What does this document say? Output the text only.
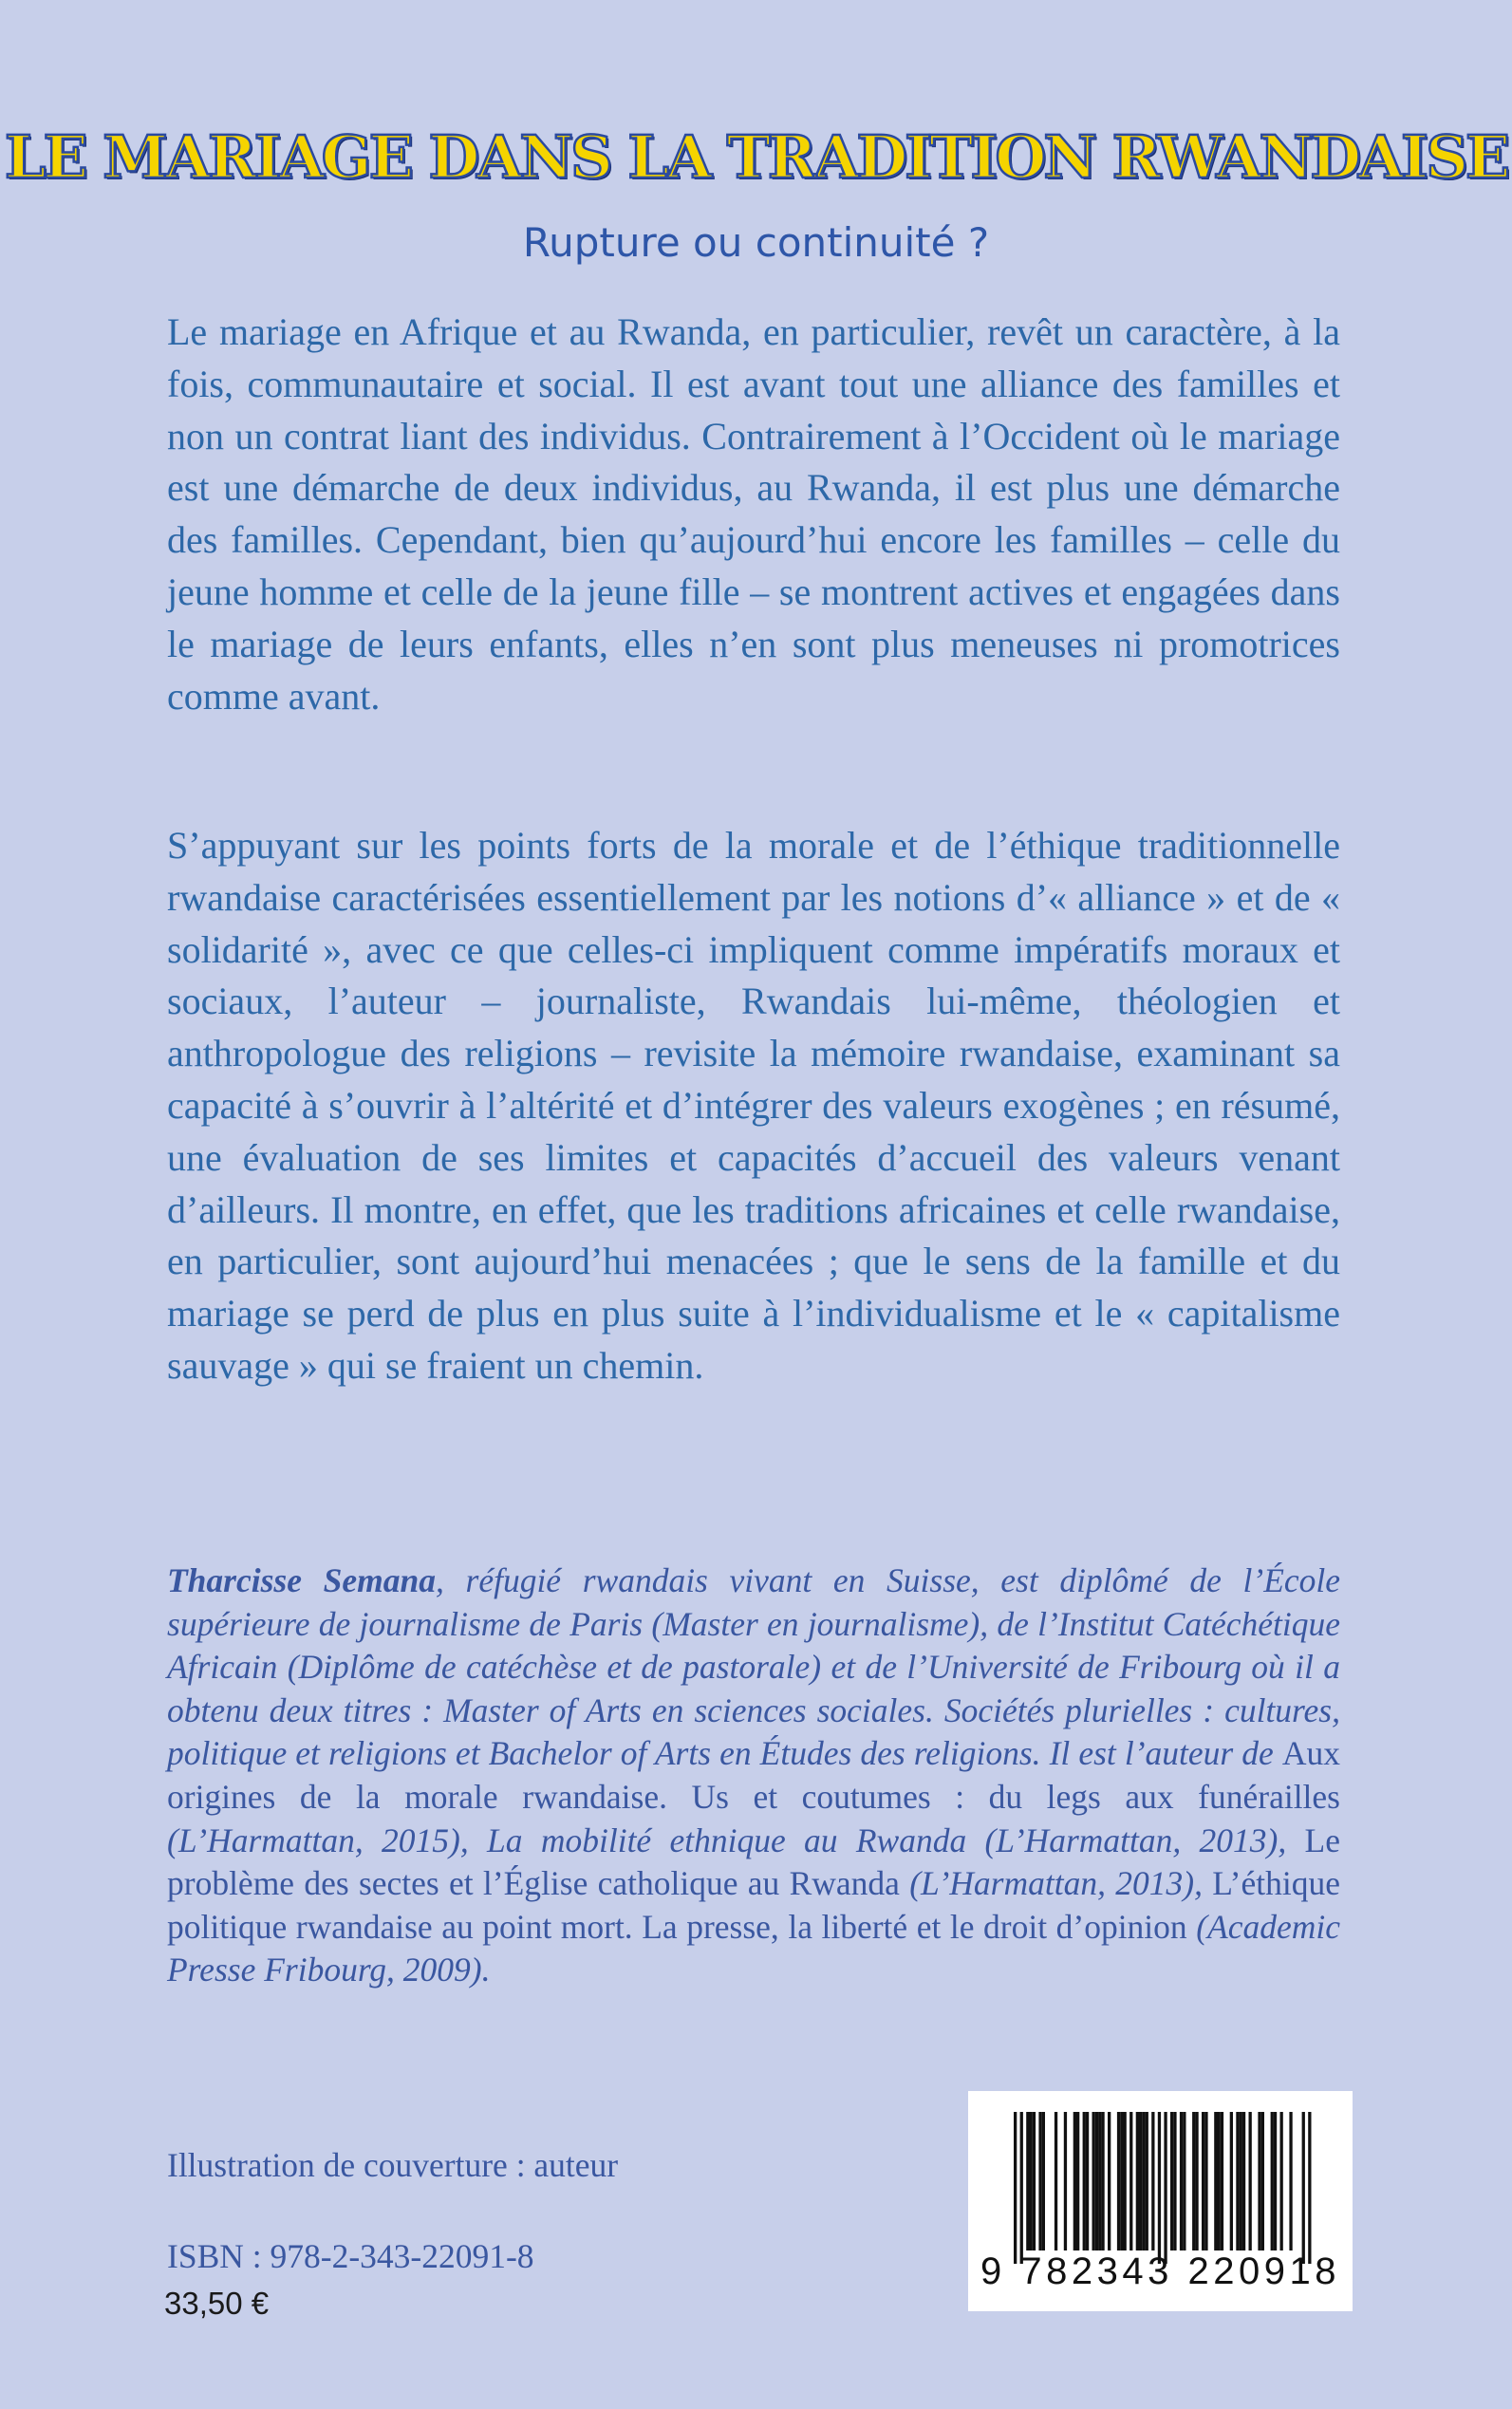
LE MARIAGE DANS LA TRADITION RWANDAISE
Rupture ou continuité ?

Le mariage en Afrique et au Rwanda, en particulier, revêt un caractère, à la fois, communautaire et social. Il est avant tout une alliance des familles et non un contrat liant des individus. Contrairement à l’Occident où le mariage est une démarche de deux individus, au Rwanda, il est plus une démarche des familles. Cependant, bien qu’aujourd’hui encore les familles – celle du jeune homme et celle de la jeune fille – se montrent actives et engagées dans le mariage de leurs enfants, elles n’en sont plus meneuses ni promotrices comme avant.

S’appuyant sur les points forts de la morale et de l’éthique traditionnelle rwandaise caractérisées essentiellement par les notions d’« alliance » et de « solidarité », avec ce que celles-ci impliquent comme impératifs moraux et sociaux, l’auteur – journaliste, Rwandais lui-même, théologien et anthropologue des religions – revisite la mémoire rwandaise, examinant sa capacité à s’ouvrir à l’altérité et d’intégrer des valeurs exogènes ; en résumé, une évaluation de ses limites et capacités d’accueil des valeurs venant d’ailleurs. Il montre, en effet, que les traditions africaines et celle rwandaise, en particulier, sont aujourd’hui menacées ; que le sens de la famille et du mariage se perd de plus en plus suite à l’individualisme et le « capitalisme sauvage » qui se fraient un chemin.

Tharcisse Semana, réfugié rwandais vivant en Suisse, est diplômé de l’École supérieure de journalisme de Paris (Master en journalisme), de l’Institut Catéchétique Africain (Diplôme de catéchèse et de pastorale) et de l’Université de Fribourg où il a obtenu deux titres : Master of Arts en sciences sociales. Sociétés plurielles : cultures, politique et religions et Bachelor of Arts en Études des religions. Il est l’auteur de Aux origines de la morale rwandaise. Us et coutumes : du legs aux funérailles (L’Harmattan, 2015), La mobilité ethnique au Rwanda (L’Harmattan, 2013), Le problème des sectes et l’Église catholique au Rwanda (L’Harmattan, 2013), L’éthique politique rwandaise au point mort. La presse, la liberté et le droit d’opinion (Academic Presse Fribourg, 2009).

Illustration de couverture : auteur
ISBN : 978-2-343-22091-8
33,50 €
9 782343 220918
